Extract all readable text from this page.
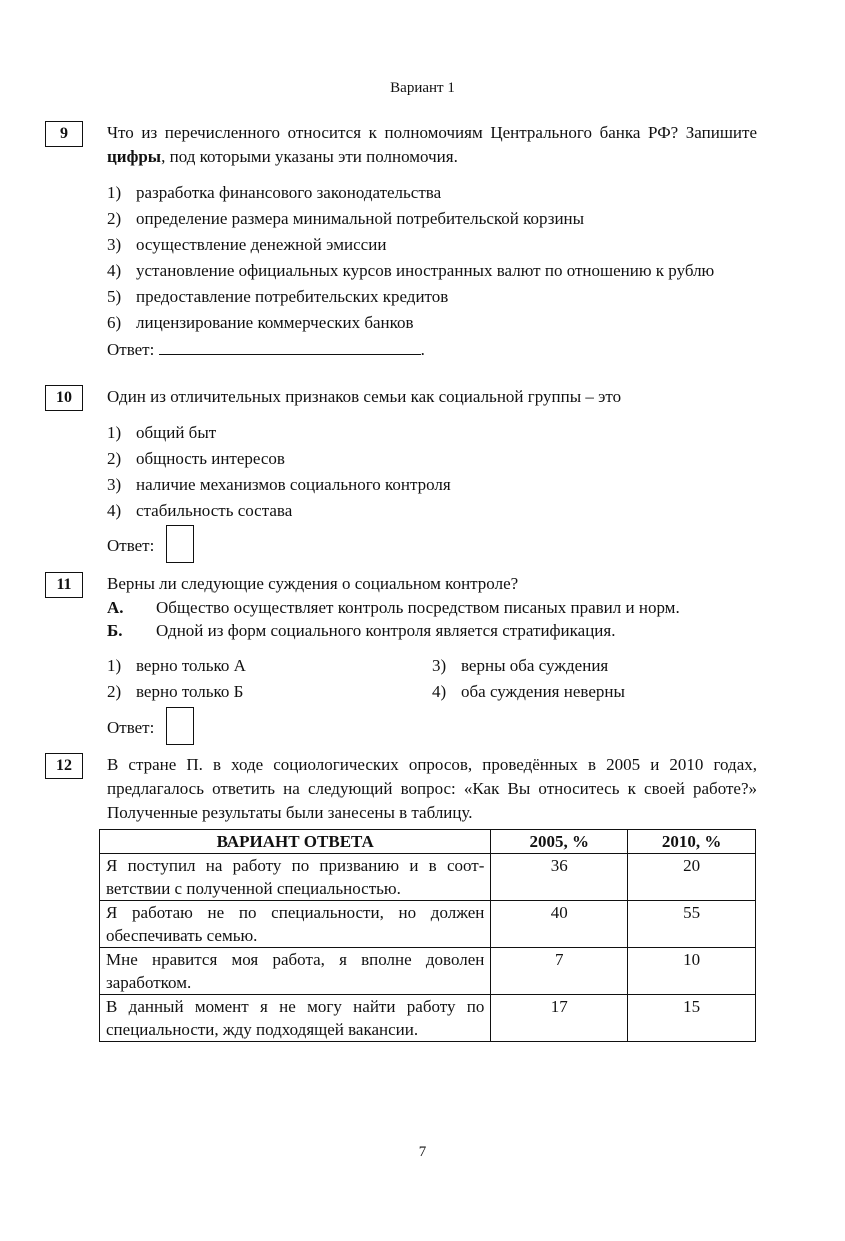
Вариант 1
9	Что из перечисленного относится к полномочиям Центрального банка РФ? Запишите цифры, под которыми указаны эти полномочия.

1) разработка финансового законодательства
2) определение размера минимальной потребительской корзины
3) осуществление денежной эмиссии
4) установление официальных курсов иностранных валют по отношению к рублю
5) предоставление потребительских кредитов
6) лицензирование коммерческих банков
Ответ:	.
10	Один из отличительных признаков семьи как социальной группы – это

1) общий быт
2) общность интересов
3) наличие механизмов социального контроля
4) стабильность состава
Ответ:
11	Верны ли следующие суждения о социальном контроле?

А.	Общество осуществляет контроль посредством писаных правил и норм.
Б.	Одной из форм социального контроля является стратификация.
1) верно только А
2) верно только Б
3) верны оба суждения
4) оба суждения неверны
Ответ:
12	В стране П. в ходе социологических опросов, проведённых в 2005 и 2010 годах, предлагалось ответить на следующий вопрос: «Как Вы относитесь к своей работе?» Полученные результаты были занесены в таблицу.

ВАРИАНТ ОТВЕТА	2005, %	2010, %
Я поступил на работу по призванию и в соот-ветствии с полученной специальностью.	36	20
Я работаю не по специальности, но должен обеспечивать семью.	40	55
Мне нравится моя работа, я вполне доволен заработком.	7	10
В данный момент я не могу найти работу по специальности, жду подходящей вакансии.	17	15
7
